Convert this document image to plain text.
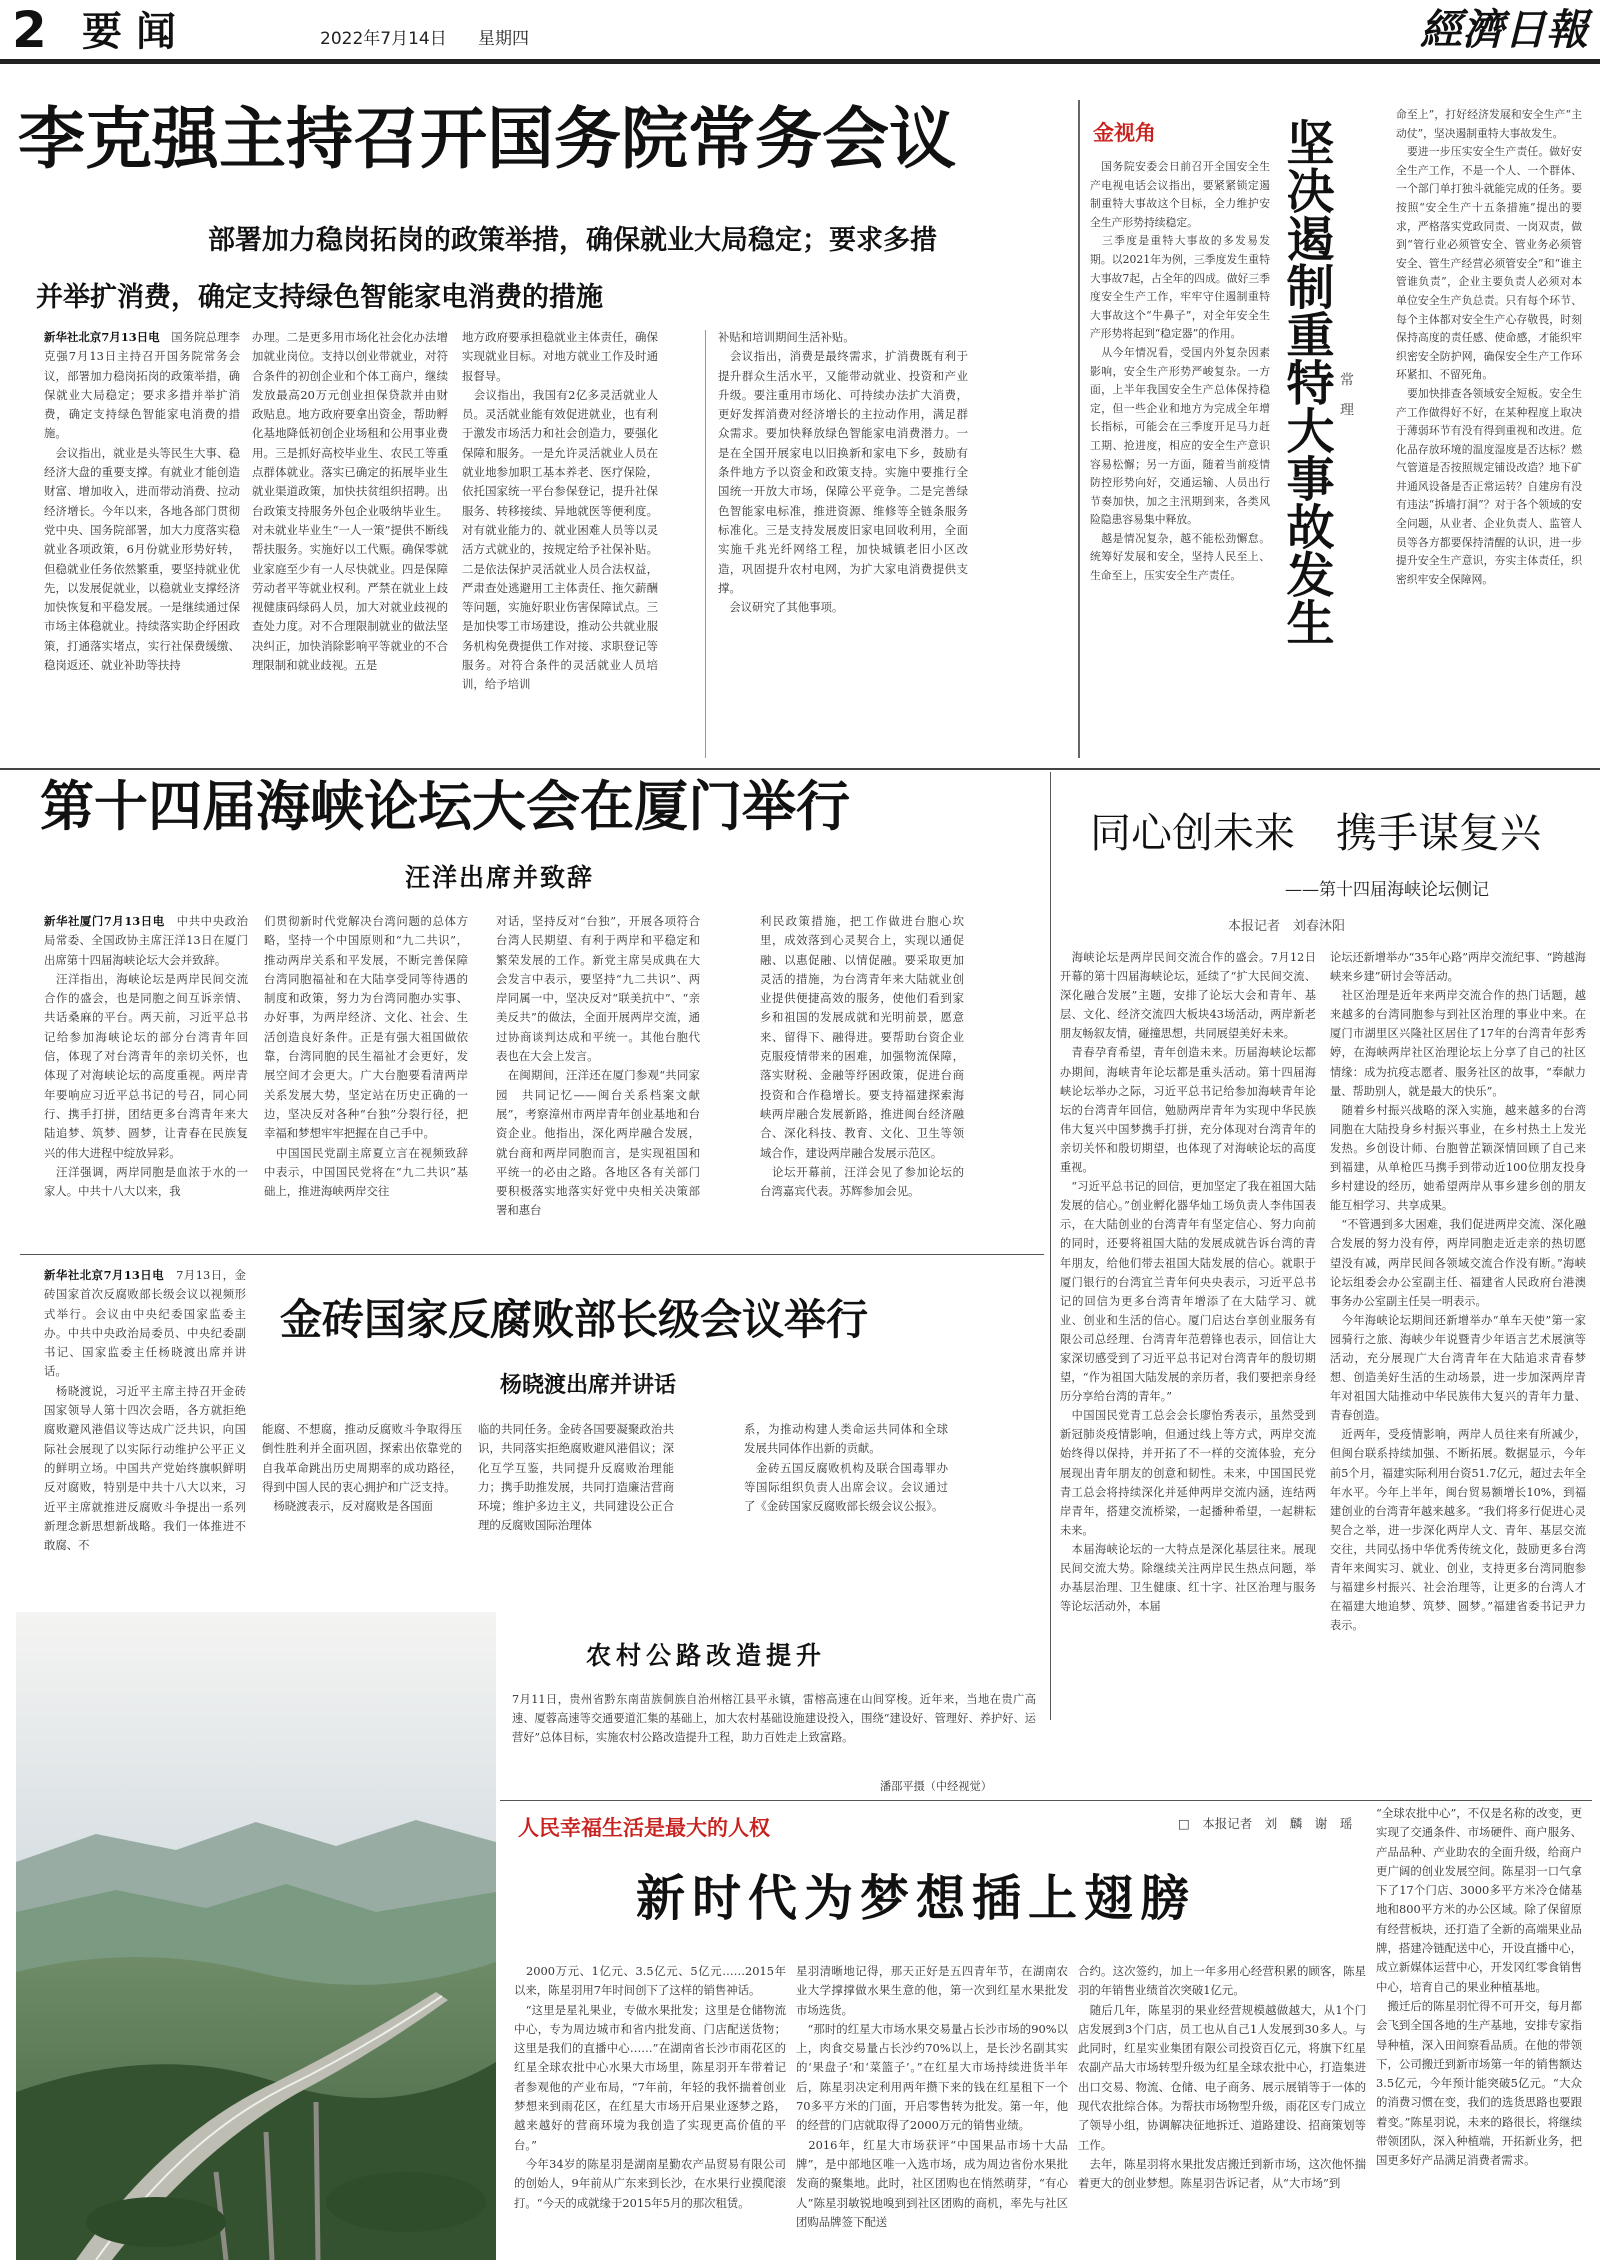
2 要闻	2022年7月14日 星期四	經濟日報
李克强主持召开国务院常务会议
部署加力稳岗拓岗的政策举措，确保就业大局稳定；要求多措
并举扩消费，确定支持绿色智能家电消费的措施
新华社北京7月13日电　 国务院总理李克强7月13日主持召开国务院常务会议，部署加力稳岗拓岗的政策举措，确保就业大局稳定；要求多措并举扩消费，确定支持绿色智能家电消费的措施。
　会议指出，就业是头等民生大事、稳经济大盘的重要支撑。有就业才能创造财富、增加收入，进而带动消费、拉动经济增长。今年以来，各地各部门贯彻党中央、国务院部署，加大力度落实稳就业各项政策，6月份就业形势好转，但稳就业任务依然繁重，要坚持就业优先，以发展促就业，以稳就业支撑经济加快恢复和平稳发展。一是继续通过保市场主体稳就业。持续落实助企纾困政策，打通落实堵点，实行社保费缓缴、稳岗返还、就业补助等扶持
办理。二是更多用市场化社会化办法增加就业岗位。支持以创业带就业，对符合条件的初创企业和个体工商户，继续发放最高20万元创业担保贷款并由财政贴息。地方政府要拿出资金，帮助孵化基地降低初创企业场租和公用事业费用。三是抓好高校毕业生、农民工等重点群体就业。落实已确定的拓展毕业生就业渠道政策，加快扶贫组织招聘。出台政策支持服务外包企业吸纳毕业生。对未就业毕业生“一人一策”提供不断线帮扶服务。实施好以工代赈。确保零就业家庭至少有一人尽快就业。四是保障劳动者平等就业权利。严禁在就业上歧视健康码绿码人员，加大对就业歧视的查处力度。对不合理限制就业的做法坚决纠正，加快消除影响平等就业的不合理限制和就业歧视。五是
地方政府要承担稳就业主体责任，确保实现就业目标。对地方就业工作及时通报督导。
　会议指出，我国有2亿多灵活就业人员。灵活就业能有效促进就业，也有利于激发市场活力和社会创造力，要强化保障和服务。一是允许灵活就业人员在就业地参加职工基本养老、医疗保险，依托国家统一平台参保登记，提升社保服务、转移接续、异地就医等便利度。对有就业能力的、就业困难人员等以灵活方式就业的，按规定给予社保补贴。二是依法保护灵活就业人员合法权益，严肃查处逃避用工主体责任、拖欠薪酬等问题，实施好职业伤害保障试点。三是加快零工市场建设，推动公共就业服务机构免费提供工作对接、求职登记等服务。对符合条件的灵活就业人员培训，给予培训
补贴和培训期间生活补贴。
　会议指出，消费是最终需求，扩消费既有利于提升群众生活水平，又能带动就业、投资和产业升级。要注重用市场化、可持续办法扩大消费，更好发挥消费对经济增长的主拉动作用，满足群众需求。要加快释放绿色智能家电消费潜力。一是在全国开展家电以旧换新和家电下乡，鼓励有条件地方予以资金和政策支持。实施中要推行全国统一开放大市场，保障公平竞争。二是完善绿色智能家电标准，推进资源、维修等全链条服务标准化。三是支持发展废旧家电回收利用，全面实施千兆光纤网络工程，加快城镇老旧小区改造，巩固提升农村电网，为扩大家电消费提供支撑。
　会议研究了其他事项。
金视角
　国务院安委会日前召开全国安全生产电视电话会议指出，要紧紧锁定遏制重特大事故这个目标，全力维护安全生产形势持续稳定。
　三季度是重特大事故的多发易发期。以2021年为例，三季度发生重特大事故7起，占全年的四成。做好三季度安全生产工作，牢牢守住遏制重特大事故这个“牛鼻子”，对全年安全生产形势将起到“稳定器”的作用。
　从今年情况看，受国内外复杂因素影响，安全生产形势严峻复杂。一方面，上半年我国安全生产总体保持稳定，但一些企业和地方为完成全年增长指标，可能会在三季度开足马力赶工期、抢进度，相应的安全生产意识容易松懈；另一方面，随着当前疫情防控形势向好，交通运输、人员出行节奏加快，加之主汛期到来，各类风险隐患容易集中释放。
　越是情况复杂，越不能松劲懈怠。统筹好发展和安全，坚持人民至上、生命至上，压实安全生产责任。 坚决遏制重特大事故发生 常理
命至上”，打好经济发展和安全生产“主动仗”，坚决遏制重特大事故发生。
　要进一步压实安全生产责任。做好安全生产工作，不是一个人、一个群体、一个部门单打独斗就能完成的任务。要按照“安全生产十五条措施”提出的要求，严格落实党政同责、一岗双责，做到“管行业必须管安全、管业务必须管安全、管生产经营必须管安全”和“谁主管谁负责”，企业主要负责人必须对本单位安全生产负总责。只有每个环节、每个主体都对安全生产心存敬畏，时刻保持高度的责任感、使命感，才能织牢织密安全防护网，确保安全生产工作环环紧扣、不留死角。
　要加快排查各领域安全短板。安全生产工作做得好不好，在某种程度上取决于薄弱环节有没有得到重视和改进。危化品存放环境的温度湿度是否达标？燃气管道是否按照规定铺设改造？地下矿井通风设备是否正常运转？自建房有没有违法“拆墙打洞”？对于各个领域的安全问题，从业者、企业负责人、监管人员等各方都要保持清醒的认识，进一步提升安全生产意识，夯实主体责任，织密织牢安全保障网。
第十四届海峡论坛大会在厦门举行
汪洋出席并致辞
新华社厦门7月13日电　 中共中央政治局常委、全国政协主席汪洋13日在厦门出席第十四届海峡论坛大会并致辞。
　汪洋指出，海峡论坛是两岸民间交流合作的盛会，也是同胞之间互诉亲情、共话桑麻的平台。两天前，习近平总书记给参加海峡论坛的部分台湾青年回信，体现了对台湾青年的亲切关怀，也体现了对海峡论坛的高度重视。两岸青年要响应习近平总书记的号召，同心同行、携手打拼，团结更多台湾青年来大陆追梦、筑梦、圆梦，让青春在民族复兴的伟大进程中绽放异彩。
　汪洋强调，两岸同胞是血浓于水的一家人。中共十八大以来，我
们贯彻新时代党解决台湾问题的总体方略，坚持一个中国原则和“九二共识”，推动两岸关系和平发展，不断完善保障台湾同胞福祉和在大陆享受同等待遇的制度和政策，努力为台湾同胞办实事、办好事，为两岸经济、文化、社会、生活创造良好条件。正是有强大祖国做依靠，台湾同胞的民生福祉才会更好，发展空间才会更大。广大台胞要看清两岸关系发展大势，坚定站在历史正确的一边，坚决反对各种“台独”分裂行径，把幸福和梦想牢牢把握在自己手中。
　中国国民党副主席夏立言在视频致辞中表示，中国国民党将在“九二共识”基础上，推进海峡两岸交往
对话，坚持反对“台独”，开展各项符合台湾人民期望、有利于两岸和平稳定和繁荣发展的工作。新党主席吴成典在大会发言中表示，要坚持“九二共识”、两岸同属一中，坚决反对“联美抗中”、“亲美反共”的做法，全面开展两岸交流，通过协商谈判达成和平统一。其他台胞代表也在大会上发言。
　在闽期间，汪洋还在厦门参观“共同家园　共同记忆——闽台关系档案文献展”，考察漳州市两岸青年创业基地和台资企业。他指出，深化两岸融合发展，就台商和两岸同胞而言，是实现祖国和平统一的必由之路。各地区各有关部门要积极落实地落实好党中央相关决策部署和惠台
利民政策措施，把工作做进台胞心坎里，成效落到心灵契合上，实现以通促融、以惠促融、以情促融。要采取更加灵活的措施，为台湾青年来大陆就业创业提供便捷高效的服务，使他们看到家乡和祖国的发展成就和光明前景，愿意来、留得下、融得进。要帮助台资企业克服疫情带来的困难，加强物流保障，落实财税、金融等纾困政策，促进台商投资和合作稳增长。要支持福建探索海峡两岸融合发展新路，推进闽台经济融合、深化科技、教育、文化、卫生等领域合作，建设两岸融合发展示范区。
　论坛开幕前，汪洋会见了参加论坛的台湾嘉宾代表。苏辉参加会见。
同心创未来　携手谋复兴
——第十四届海峡论坛侧记
本报记者　刘春沐阳
　海峡论坛是两岸民间交流合作的盛会。7月12日开幕的第十四届海峡论坛，延续了“扩大民间交流、深化融合发展”主题，安排了论坛大会和青年、基层、文化、经济交流四大板块43场活动，两岸新老朋友畅叙友情，碰撞思想，共同展望美好未来。
　青春孕育希望，青年创造未来。历届海峡论坛都办期间，海峡青年论坛都是重头活动。第十四届海峡论坛举办之际，习近平总书记给参加海峡青年论坛的台湾青年回信，勉励两岸青年为实现中华民族伟大复兴中国梦携手打拼，充分体现对台湾青年的亲切关怀和殷切期望，也体现了对海峡论坛的高度重视。
　“习近平总书记的回信，更加坚定了我在祖国大陆发展的信心。”创业孵化器华灿工场负责人李伟国表示，在大陆创业的台湾青年有坚定信心、努力向前的同时，还要将祖国大陆的发展成就告诉台湾的青年朋友，给他们带去祖国大陆发展的信心。就职于厦门银行的台湾宜兰青年何央央表示，习近平总书记的回信为更多台湾青年增添了在大陆学习、就业、创业和生活的信心。厦门启达台享创业服务有限公司总经理、台湾青年范碧锋也表示，回信让大家深切感受到了习近平总书记对台湾青年的殷切期望，“作为祖国大陆发展的亲历者，我们要把亲身经历分享给台湾的青年。”
　中国国民党青工总会会长廖怡秀表示，虽然受到新冠肺炎疫情影响，但通过线上等方式，两岸交流始终得以保持，并开拓了不一样的交流体验，充分展现出青年朋友的创意和韧性。未来，中国国民党青工总会将持续深化并延伸两岸交流内涵，连结两岸青年，搭建交流桥梁，一起播种希望，一起耕耘未来。
　本届海峡论坛的一大特点是深化基层往来。展现民间交流大势。除继续关注两岸民生热点问题，举办基层治理、卫生健康、红十字、社区治理与服务等论坛活动外，本届
论坛还新增举办“35年心路”两岸交流纪事、“跨越海峡来乡建”研讨会等活动。
　社区治理是近年来两岸交流合作的热门话题，越来越多的台湾同胞参与到社区治理的事业中来。在厦门市湖里区兴隆社区居住了17年的台湾青年彭秀婷，在海峡两岸社区治理论坛上分享了自己的社区情缘：成为抗疫志愿者、服务社区的故事，“奉献力量、帮助别人，就是最大的快乐”。
　随着乡村振兴战略的深入实施，越来越多的台湾同胞在大陆投身乡村振兴事业，在乡村热土上发光发热。乡创设计师、台胞曾芷颖深情回顾了自己来到福建，从单枪匹马携手到带动近100位朋友投身乡村建设的经历，她希望两岸从事乡建乡创的朋友能互相学习、共享成果。
　“不管遇到多大困难，我们促进两岸交流、深化融合发展的努力没有停，两岸同胞走近走亲的热切愿望没有减，两岸民间各领域交流合作没有断。”海峡论坛组委会办公室副主任、福建省人民政府台港澳事务办公室副主任吴一明表示。
　今年海峡论坛期间还新增举办“单车天使”第一家园骑行之旅、海峡少年说暨青少年语言艺术展演等活动，充分展现广大台湾青年在大陆追求青春梦想、创造美好生活的生动场景，进一步加深两岸青年对祖国大陆推动中华民族伟大复兴的青年力量、青春创造。
　近两年，受疫情影响，两岸人员往来有所减少，但闽台联系持续加强、不断拓展。数据显示，今年前5个月，福建实际利用台资51.7亿元，超过去年全年水平。今年上半年，闽台贸易额增长10%，到福建创业的台湾青年越来越多。“我们将多行促进心灵契合之举，进一步深化两岸人文、青年、基层交流交往，共同弘扬中华优秀传统文化，鼓励更多台湾青年来闽实习、就业、创业，支持更多台湾同胞参与福建乡村振兴、社会治理等，让更多的台湾人才在福建大地追梦、筑梦、圆梦。”福建省委书记尹力表示。
新华社北京7月13日电　 7月13日，金砖国家首次反腐败部长级会议以视频形式举行。会议由中央纪委国家监委主办。中共中央政治局委员、中央纪委副书记、国家监委主任杨晓渡出席并讲话。
　杨晓渡说，习近平主席主持召开金砖国家领导人第十四次会晤，各方就拒绝腐败避风港倡议等达成广泛共识，向国际社会展现了以实际行动维护公平正义的鲜明立场。中国共产党始终旗帜鲜明反对腐败，特别是中共十八大以来，习近平主席就推进反腐败斗争提出一系列新理念新思想新战略。我们一体推进不敢腐、不
金砖国家反腐败部长级会议举行
杨晓渡出席并讲话
能腐、不想腐，推动反腐败斗争取得压倒性胜利并全面巩固，探索出依靠党的自我革命跳出历史周期率的成功路径，得到中国人民的衷心拥护和广泛支持。
　杨晓渡表示，反对腐败是各国面
临的共同任务。金砖各国要凝聚政治共识，共同落实拒绝腐败避风港倡议；深化互学互鉴，共同提升反腐败治理能力；携手助推发展，共同打造廉洁营商环境；维护多边主义，共同建设公正合理的反腐败国际治理体
系，为推动构建人类命运共同体和全球发展共同体作出新的贡献。
　金砖五国反腐败机构及联合国毒罪办等国际组织负责人出席会议。会议通过了《金砖国家反腐败部长级会议公报》。
农村公路改造提升
7月11日，贵州省黔东南苗族侗族自治州榕江县平永镇，雷榕高速在山间穿梭。近年来，当地在贵广高速、厦蓉高速等交通要道汇集的基础上，加大农村基础设施建设投入，围绕“建设好、管理好、养护好、运营好”总体目标，实施农村公路改造提升工程，助力百姓走上致富路。
潘邵平摄（中经视觉）
人民幸福生活是最大的人权	□　本报记者　刘　麟　谢　瑶
“全球农批中心”，不仅是名称的改变，更实现了交通条件、市场硬件、商户服务、产品品种、产业助农的全面升级，给商户更广阔的创业发展空间。陈星羽一口气拿下了17个门店、3000多平方米冷仓储基地和800平方米的办公区域。除了保留原有经营板块，还打造了全新的高端果业品牌，搭建冷链配送中心，开设直播中心，成立新媒体运营中心，开发冈红零食销售中心，培育自己的果业种植基地。
　搬迁后的陈星羽忙得不可开交，每月都会飞到全国各地的生产基地，安排专家指导种植，深入田间察看品质。在他的带领下，公司搬迁到新市场第一年的销售额达3.5亿元，今年预计能突破5亿元。“大众的消费习惯在变，我们的选货思路也要跟着变。”陈星羽说，未来的路很长，将继续带领团队，深入种植端，开拓新业务，把国更多好产品满足消费者需求。
新时代为梦想插上翅膀
　2000万元、1亿元、3.5亿元、5亿元……2015年以来，陈星羽用7年时间创下了这样的销售神话。
　“这里是星礼果业，专做水果批发；这里是仓储物流中心，专为周边城市和省内批发商、门店配送货物；这里是我们的直播中心……”在湖南省长沙市雨花区的红星全球农批中心水果大市场里，陈星羽开车带着记者参观他的产业布局，“7年前，年轻的我怀揣着创业梦想来到雨花区，在红星大市场开启果业逐梦之路，越来越好的营商环境为我创造了实现更高价值的平台。”
　今年34岁的陈星羽是湖南星勤农产品贸易有限公司的创始人，9年前从广东来到长沙，在水果行业摸爬滚打。“今天的成就缘于2015年5月的那次租赁。
星羽清晰地记得，那天正好是五四青年节，在湖南农业大学撑撑做水果生意的他，第一次到红星水果批发市场选货。
　“那时的红星大市场水果交易量占长沙市场的90%以上，肉食交易量占长沙约70%以上，是长沙名副其实的‘果盘子’和‘菜篮子’。”在红星大市场持续进货半年后，陈星羽决定利用两年攒下来的钱在红星租下一个70多平方米的门面，开启零售转为批发。第一年，他的经营的门店就取得了2000万元的销售业绩。
　2016年，红星大市场获评“中国果品市场十大品牌”，是中部地区唯一入选市场，成为周边省份水果批发商的聚集地。此时，社区团购也在悄然萌芽，“有心人”陈星羽敏锐地嗅到到社区团购的商机，率先与社区团购品牌签下配送
合约。这次签约，加上一年多用心经营积累的顾客，陈星羽的年销售业绩首次突破1亿元。
　随后几年，陈星羽的果业经营规模越做越大，从1个门店发展到3个门店，员工也从自己1人发展到30多人。与此同时，红星实业集团有限公司投资百亿元，将旗下红星农副产品大市场转型升级为红星全球农批中心，打造集进出口交易、物流、仓储、电子商务、展示展销等于一体的现代农批综合体。为帮扶市场物型升级，雨花区专门成立了领导小组，协调解决征地拆迁、道路建设、招商策划等工作。
　去年，陈星羽将水果批发店搬迁到新市场，这次他怀揣着更大的创业梦想。陈星羽告诉记者，从“大市场”到
